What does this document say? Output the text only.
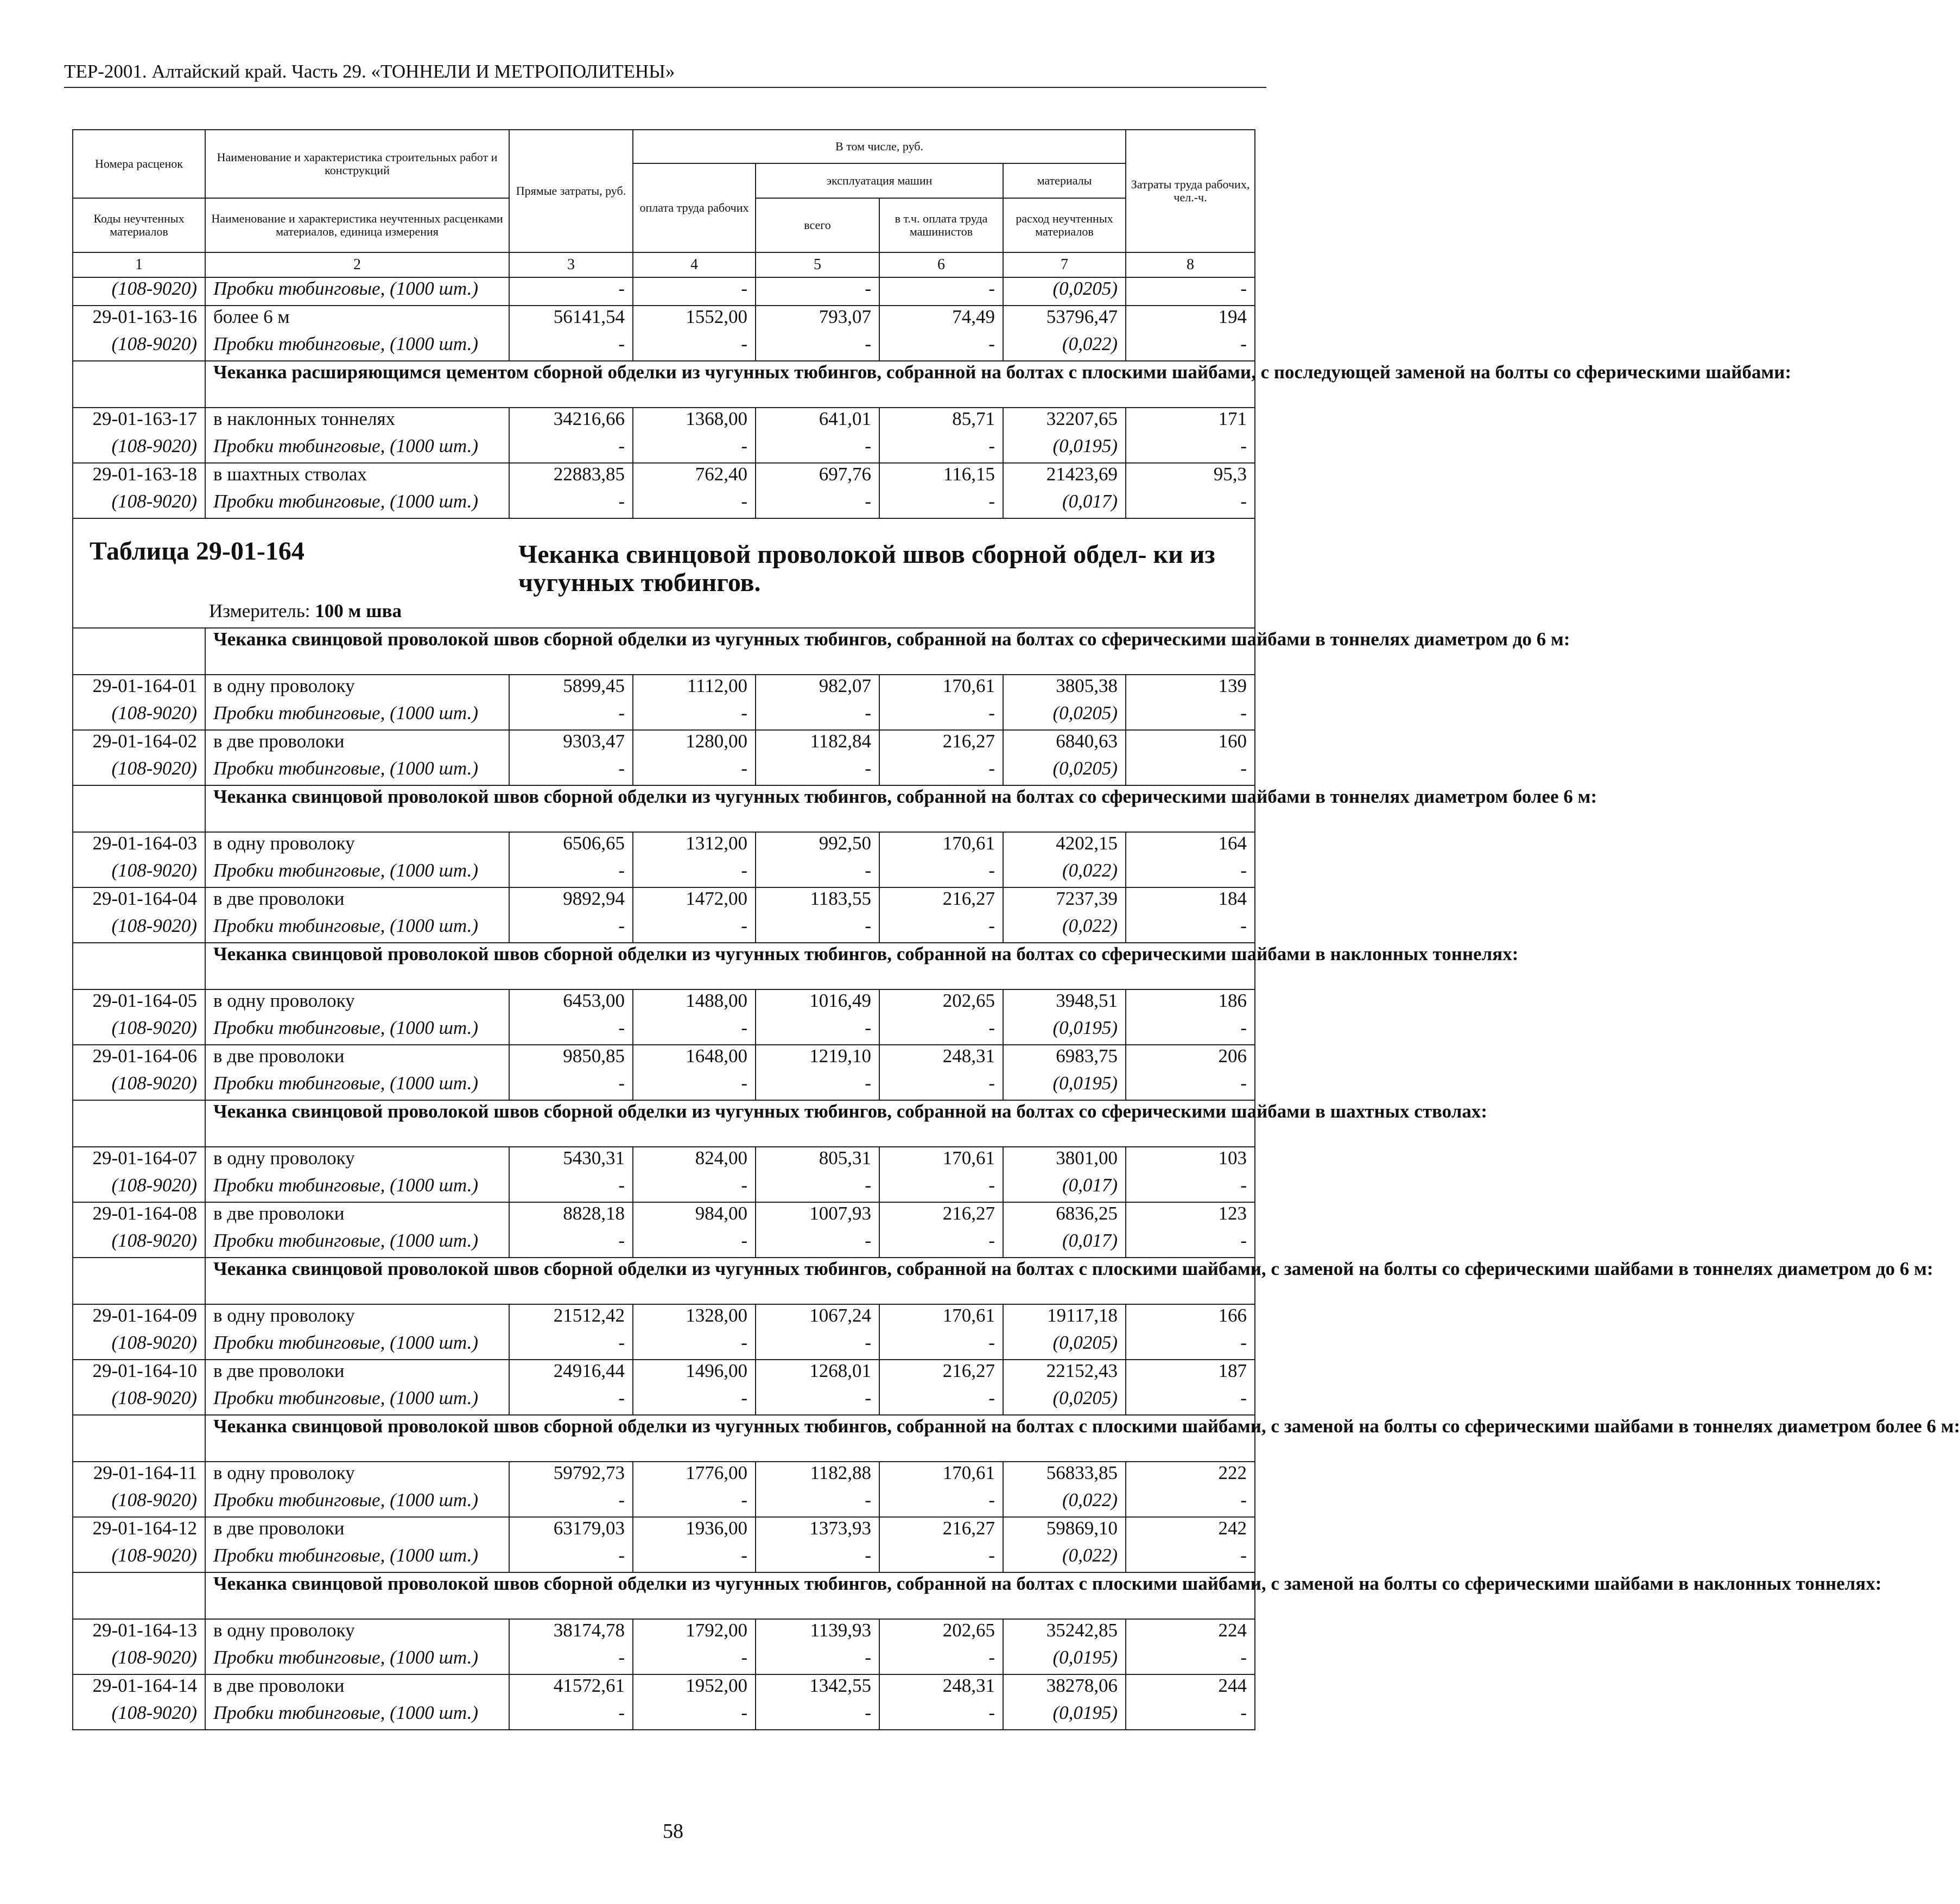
ТЕР-2001. Алтайский край. Часть 29. «ТОННЕЛИ И МЕТРОПОЛИТЕНЫ»
Номера расценок	Наименование и характеристика строительных работ и конструкций	Прямые затраты, руб.	В том числе, руб.				Затраты труда рабочих, чел.-ч.
			оплата труда рабочих	эксплуатация машин		материалы	
Коды неучтенных материалов	Наименование и характеристика неучтенных расценками материалов, единица измерения			всего	в т.ч. оплата труда машинистов	расход неучтенных материалов	
1	2	3	4	5	6	7	8
(108-9020)	Пробки тюбинговые, (1000 шт.)	-	-	-	-	(0,0205)	-
29-01-163-16	более 6 м	56141,54	1552,00	793,07	74,49	53796,47	194
(108-9020)	Пробки тюбинговые, (1000 шт.)	-	-	-	-	(0,022)	-
	Чеканка расширяющимся цементом сборной обделки из чугунных тюбингов, собранной на болтах с плоскими шайбами, с последующей заменой на болты со сферическими шайбами:						
29-01-163-17	в наклонных тоннелях	34216,66	1368,00	641,01	85,71	32207,65	171
(108-9020)	Пробки тюбинговые, (1000 шт.)	-	-	-	-	(0,0195)	-
29-01-163-18	в шахтных стволах	22883,85	762,40	697,76	116,15	21423,69	95,3
(108-9020)	Пробки тюбинговые, (1000 шт.)	-	-	-	-	(0,017)	-

Таблица 29-01-164 Чеканка свинцовой проволокой швов сборной обдел- ки из чугунных тюбингов.
Измеритель: 100 м шва							

	Чеканка свинцовой проволокой швов сборной обделки из чугунных тюбингов, собранной на болтах со сферическими шайбами в тоннелях диаметром до 6 м:						
29-01-164-01	в одну проволоку	5899,45	1112,00	982,07	170,61	3805,38	139
(108-9020)	Пробки тюбинговые, (1000 шт.)	-	-	-	-	(0,0205)	-
29-01-164-02	в две проволоки	9303,47	1280,00	1182,84	216,27	6840,63	160
(108-9020)	Пробки тюбинговые, (1000 шт.)	-	-	-	-	(0,0205)	-
	Чеканка свинцовой проволокой швов сборной обделки из чугунных тюбингов, собранной на болтах со сферическими шайбами в тоннелях диаметром более 6 м:						
29-01-164-03	в одну проволоку	6506,65	1312,00	992,50	170,61	4202,15	164
(108-9020)	Пробки тюбинговые, (1000 шт.)	-	-	-	-	(0,022)	-
29-01-164-04	в две проволоки	9892,94	1472,00	1183,55	216,27	7237,39	184
(108-9020)	Пробки тюбинговые, (1000 шт.)	-	-	-	-	(0,022)	-
	Чеканка свинцовой проволокой швов сборной обделки из чугунных тюбингов, собранной на болтах со сферическими шайбами в наклонных тоннелях:						
29-01-164-05	в одну проволоку	6453,00	1488,00	1016,49	202,65	3948,51	186
(108-9020)	Пробки тюбинговые, (1000 шт.)	-	-	-	-	(0,0195)	-
29-01-164-06	в две проволоки	9850,85	1648,00	1219,10	248,31	6983,75	206
(108-9020)	Пробки тюбинговые, (1000 шт.)	-	-	-	-	(0,0195)	-
	Чеканка свинцовой проволокой швов сборной обделки из чугунных тюбингов, собранной на болтах со сферическими шайбами в шахтных стволах:						
29-01-164-07	в одну проволоку	5430,31	824,00	805,31	170,61	3801,00	103
(108-9020)	Пробки тюбинговые, (1000 шт.)	-	-	-	-	(0,017)	-
29-01-164-08	в две проволоки	8828,18	984,00	1007,93	216,27	6836,25	123
(108-9020)	Пробки тюбинговые, (1000 шт.)	-	-	-	-	(0,017)	-
	Чеканка свинцовой проволокой швов сборной обделки из чугунных тюбингов, собранной на болтах с плоскими шайбами, с заменой на болты со сферическими шайбами в тоннелях диаметром до 6 м:						
29-01-164-09	в одну проволоку	21512,42	1328,00	1067,24	170,61	19117,18	166
(108-9020)	Пробки тюбинговые, (1000 шт.)	-	-	-	-	(0,0205)	-
29-01-164-10	в две проволоки	24916,44	1496,00	1268,01	216,27	22152,43	187
(108-9020)	Пробки тюбинговые, (1000 шт.)	-	-	-	-	(0,0205)	-
	Чеканка свинцовой проволокой швов сборной обделки из чугунных тюбингов, собранной на болтах с плоскими шайбами, с заменой на болты со сферическими шайбами в тоннелях диаметром более 6 м:						
29-01-164-11	в одну проволоку	59792,73	1776,00	1182,88	170,61	56833,85	222
(108-9020)	Пробки тюбинговые, (1000 шт.)	-	-	-	-	(0,022)	-
29-01-164-12	в две проволоки	63179,03	1936,00	1373,93	216,27	59869,10	242
(108-9020)	Пробки тюбинговые, (1000 шт.)	-	-	-	-	(0,022)	-
	Чеканка свинцовой проволокой швов сборной обделки из чугунных тюбингов, собранной на болтах с плоскими шайбами, с заменой на болты со сферическими шайбами в наклонных тоннелях:						
29-01-164-13	в одну проволоку	38174,78	1792,00	1139,93	202,65	35242,85	224
(108-9020)	Пробки тюбинговые, (1000 шт.)	-	-	-	-	(0,0195)	-
29-01-164-14	в две проволоки	41572,61	1952,00	1342,55	248,31	38278,06	244
(108-9020)	Пробки тюбинговые, (1000 шт.)	-	-	-	-	(0,0195)	-
58
